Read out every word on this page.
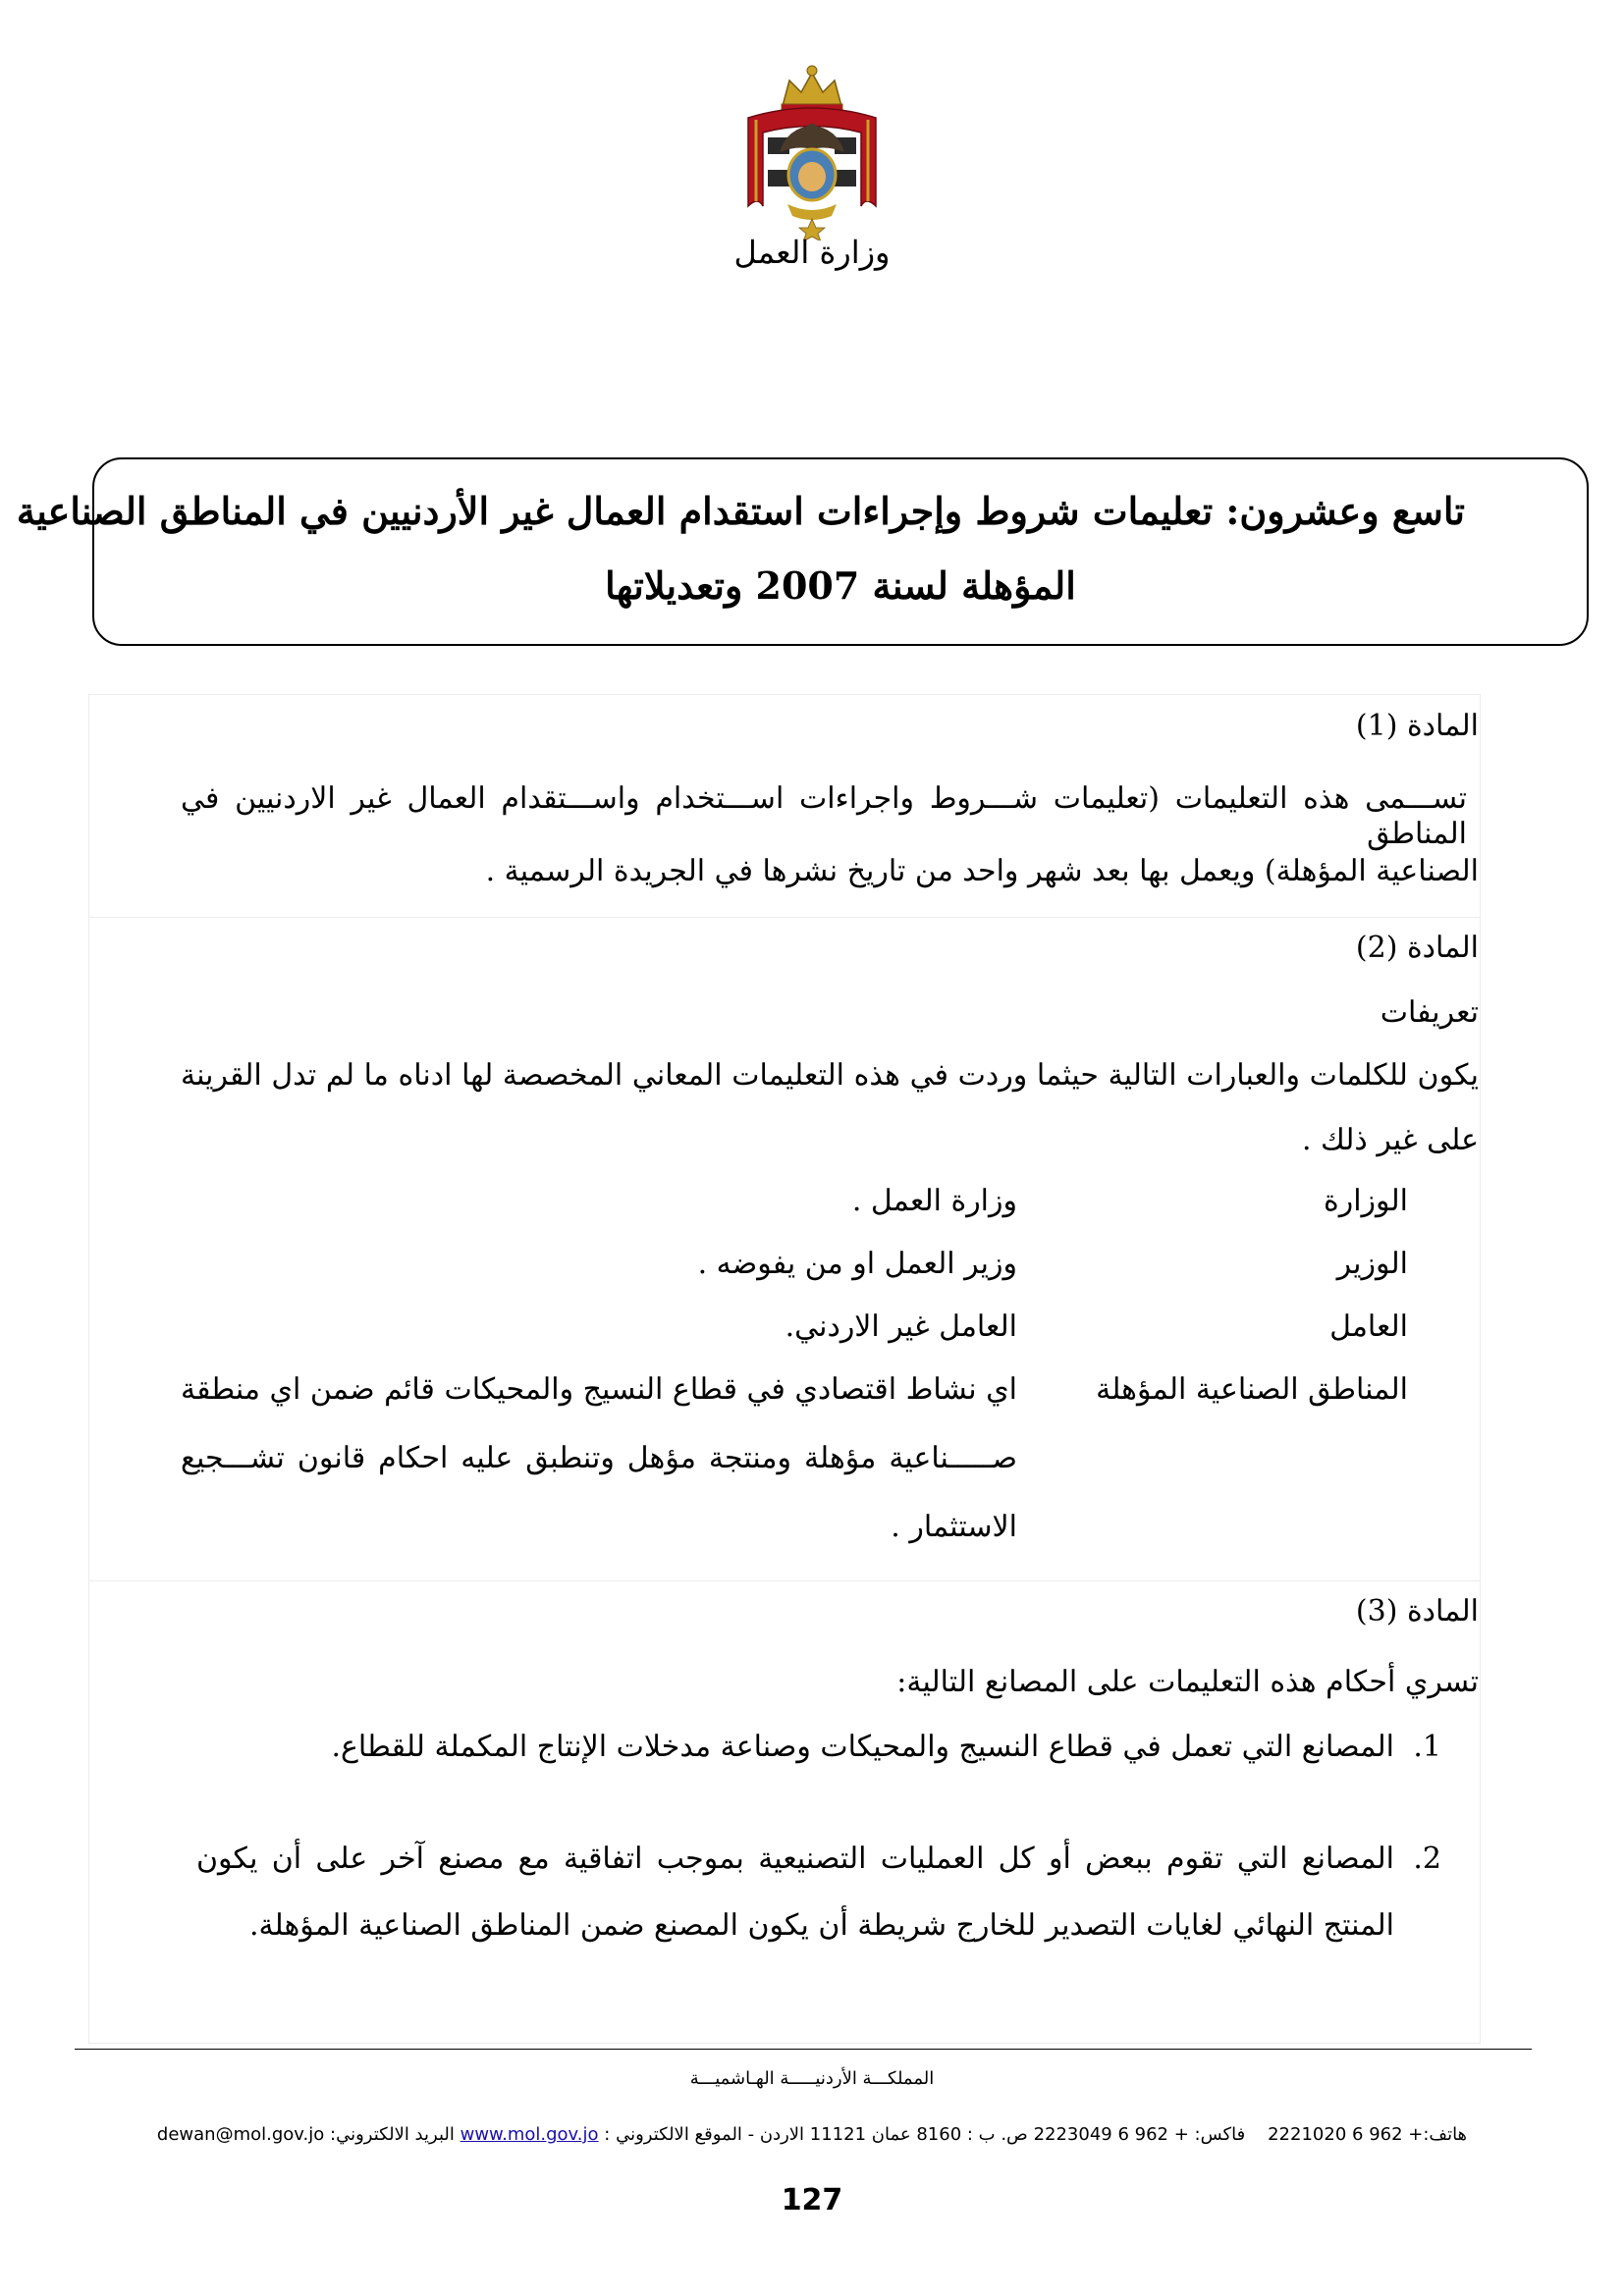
وزارة العمل
تاسع وعشرون: تعليمات شروط وإجراءات استقدام العمال غير الأردنيين في المناطق الصناعية
المؤهلة لسنة 2007 وتعديلاتها
المادة (1)
تســـمى هذه التعليمات (تعليمات شـــروط واجراءات اســـتخدام واســـتقدام العمال غير الاردنيين في المناطق
الصناعية المؤهلة) ويعمل بها بعد شهر واحد من تاريخ نشرها في الجريدة الرسمية .
المادة (2)
تعريفات
يكون للكلمات والعبارات التالية حيثما وردت في هذه التعليمات المعاني المخصصة لها ادناه ما لم تدل القرينة
على غير ذلك .
الوزارة
وزارة العمل .
الوزير
وزير العمل او من يفوضه .
العامل
العامل غير الاردني.
المناطق الصناعية المؤهلة
اي نشاط اقتصادي في قطاع النسيج والمحيكات قائم ضمن اي منطقة
صـــــناعية مؤهلة ومنتجة مؤهل وتنطبق عليه احكام قانون تشـــجيع
الاستثمار .
المادة (3)
تسري أحكام هذه التعليمات على المصانع التالية:
1.
المصانع التي تعمل في قطاع النسيج والمحيكات وصناعة مدخلات الإنتاج المكملة للقطاع.
2.
المصانع التي تقوم ببعض أو كل العمليات التصنيعية بموجب اتفاقية مع مصنع آخر على أن يكون
المنتج النهائي لغايات التصدير للخارج شريطة أن يكون المصنع ضمن المناطق الصناعية المؤهلة.
المملكـــة الأردنيـــــة الهـاشميـــة
هاتف:+ 962 6 2221020    فاكس: + 962 6 2223049 ص. ب : 8160 عمان 11121 الاردن - الموقع الالكتروني : www.mol.gov.jo البريد الالكتروني: dewan@mol.gov.jo
127
